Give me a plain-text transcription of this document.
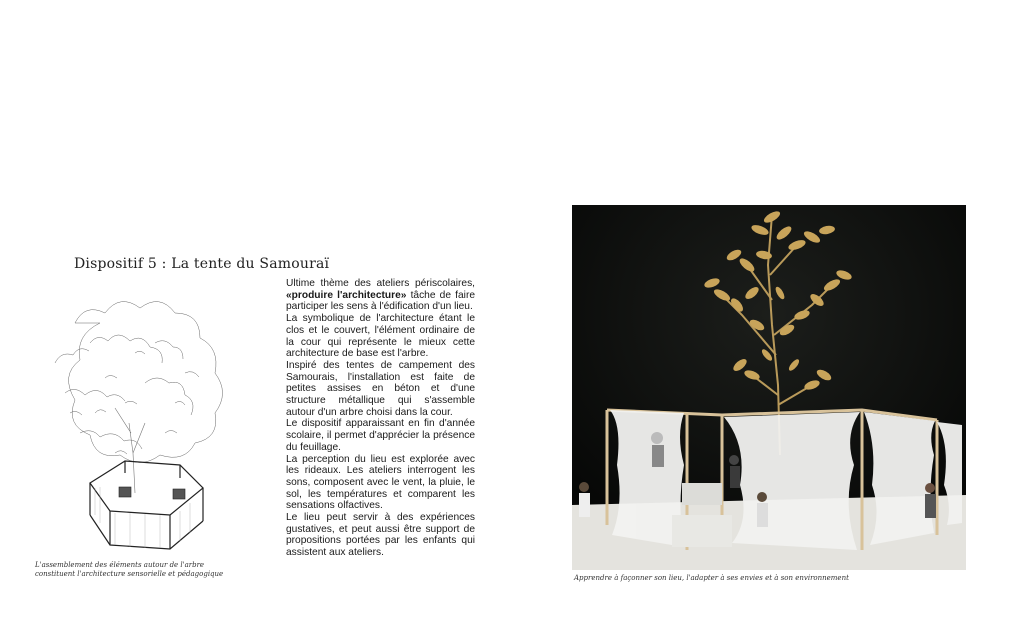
Dispositif 5 : La tente du Samouraï
L'assemblement des éléments autour de l'arbre
constituent l'architecture sensorielle et pédagogique

Ultime thème des ateliers périscolaires, «produire l'architecture» tâche de faire participer les sens à l'édification d'un lieu.

La symbolique de l'architecture étant le clos et le couvert, l'élément ordinaire de la cour qui représente le mieux cette architecture de base est l'arbre.

Inspiré des tentes de campement des Samourais, l'installation est faite de petites assises en béton et d'une structure métallique qui s'assemble autour d'un arbre choisi dans la cour.

Le dispositif apparaissant en fin d'année scolaire, il permet d'apprécier la présence du feuillage.

La perception du lieu est explorée avec les rideaux. Les ateliers interrogent les sons, composent avec le vent, la pluie, le sol, les températures et comparent les sensations olfactives.

Le lieu peut servir à des expériences gustatives, et peut aussi être support de propositions portées par les enfants qui assistent aux ateliers.

Apprendre à façonner son lieu, l'adapter à ses envies et à son environnement
